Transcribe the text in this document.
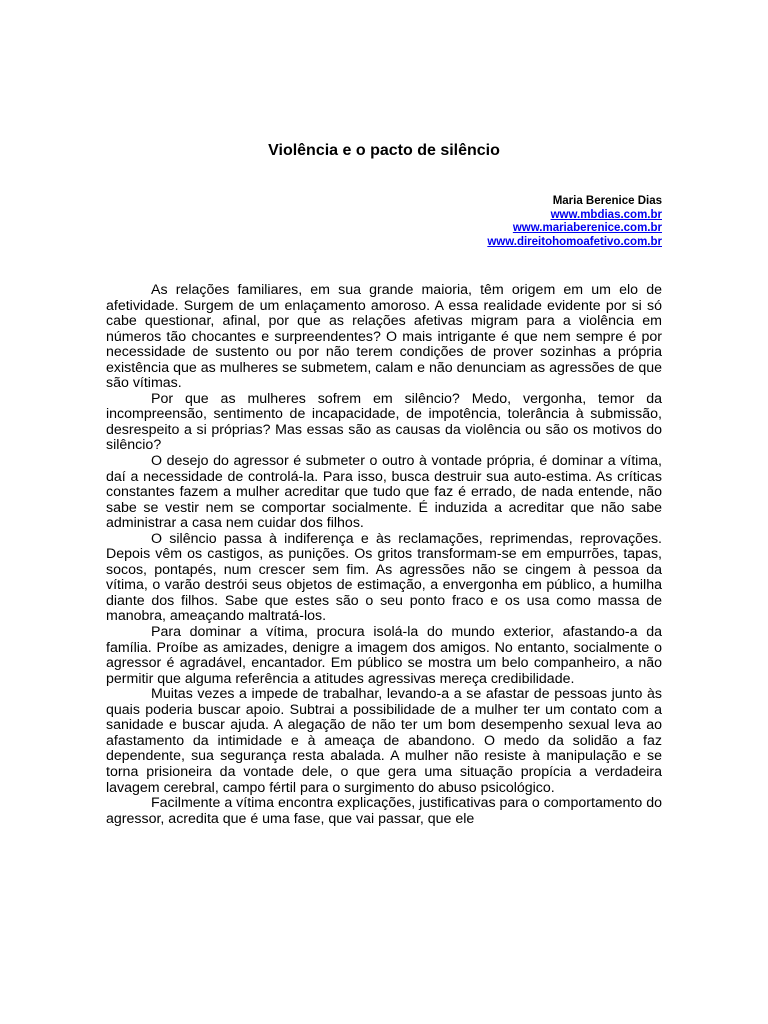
Violência e o pacto de silêncio
Maria Berenice Dias
www.mbdias.com.br
www.mariaberenice.com.br
www.direitohomoafetivo.com.br

As relações familiares, em sua grande maioria, têm origem em um elo de afetividade. Surgem de um enlaçamento amoroso. A essa realidade evidente por si só cabe questionar, afinal, por que as relações afetivas migram para a violência em números tão chocantes e surpreendentes? O mais intrigante é que nem sempre é por necessidade de sustento ou por não terem condições de prover sozinhas a própria existência que as mulheres se submetem, calam e não denunciam as agressões de que são vítimas.

Por que as mulheres sofrem em silêncio? Medo, vergonha, temor da incompreensão, sentimento de incapacidade, de impotência, tolerância à submissão, desrespeito a si próprias? Mas essas são as causas da violência ou são os motivos do silêncio?

O desejo do agressor é submeter o outro à vontade própria, é dominar a vítima, daí a necessidade de controlá-la. Para isso, busca destruir sua auto-estima. As críticas constantes fazem a mulher acreditar que tudo que faz é errado, de nada entende, não sabe se vestir nem se comportar socialmente. É induzida a acreditar que não sabe administrar a casa nem cuidar dos filhos.

O silêncio passa à indiferença e às reclamações, reprimendas, reprovações. Depois vêm os castigos, as punições. Os gritos transformam-se em empurrões, tapas, socos, pontapés, num crescer sem fim. As agressões não se cingem à pessoa da vítima, o varão destrói seus objetos de estimação, a envergonha em público, a humilha diante dos filhos. Sabe que estes são o seu ponto fraco e os usa como massa de manobra, ameaçando maltratá-los.

Para dominar a vítima, procura isolá-la do mundo exterior, afastando-a da família. Proíbe as amizades, denigre a imagem dos amigos. No entanto, socialmente o agressor é agradável, encantador. Em público se mostra um belo companheiro, a não permitir que alguma referência a atitudes agressivas mereça credibilidade.

Muitas vezes a impede de trabalhar, levando-a a se afastar de pessoas junto às quais poderia buscar apoio. Subtrai a possibilidade de a mulher ter um contato com a sanidade e buscar ajuda. A alegação de não ter um bom desempenho sexual leva ao afastamento da intimidade e à ameaça de abandono. O medo da solidão a faz dependente, sua segurança resta abalada. A mulher não resiste à manipulação e se torna prisioneira da vontade dele, o que gera uma situação propícia a verdadeira lavagem cerebral, campo fértil para o surgimento do abuso psicológico.

Facilmente a vítima encontra explicações, justificativas para o comportamento do agressor, acredita que é uma fase, que vai passar, que ele
